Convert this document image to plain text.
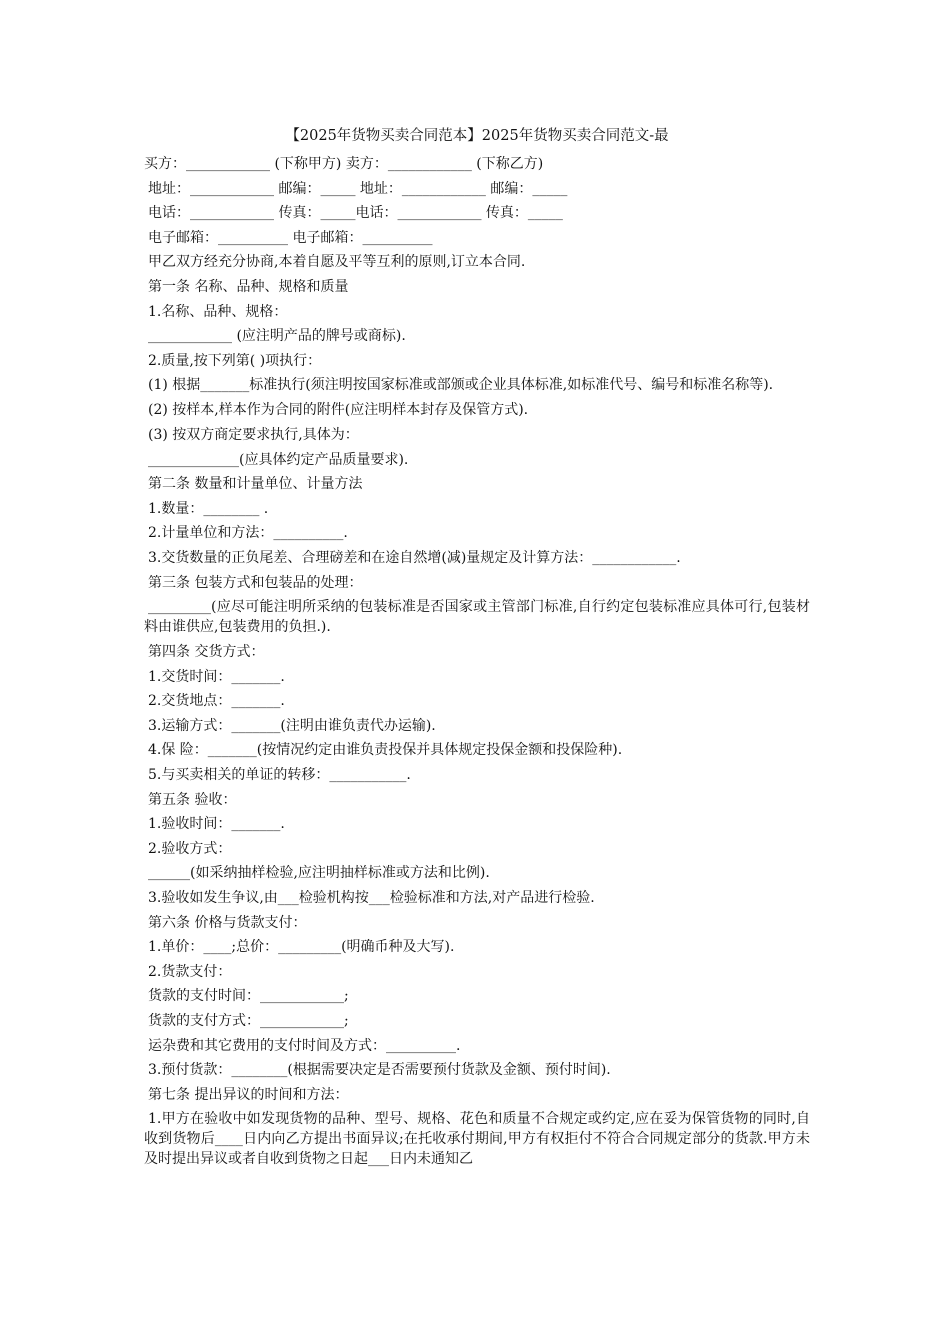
【2025年货物买卖合同范本】2025年货物买卖合同范文-最
买方：____________ (下称甲方) 卖方：____________ (下称乙方)
地址：____________ 邮编：_____ 地址：____________ 邮编：_____
电话：____________ 传真：_____电话：____________ 传真：_____
电子邮箱：__________ 电子邮箱：__________
甲乙双方经充分协商,本着自愿及平等互利的原则,订立本合同.
第一条 名称、品种、规格和质量
1.名称、品种、规格：
____________ (应注明产品的牌号或商标).
2.质量,按下列第( )项执行：
(1) 根据_______标准执行(须注明按国家标准或部颁或企业具体标准,如标准代号、编号和标准名称等).
(2) 按样本,样本作为合同的附件(应注明样本封存及保管方式).
(3) 按双方商定要求执行,具体为：
_____________(应具体约定产品质量要求).
第二条 数量和计量单位、计量方法
1.数量：________ .
2.计量单位和方法：__________.
3.交货数量的正负尾差、合理磅差和在途自然增(减)量规定及计算方法：____________.
第三条 包装方式和包装品的处理：
_________(应尽可能注明所采纳的包装标准是否国家或主管部门标准,自行约定包装标准应具体可行,包装材料由谁供应,包装费用的负担.).
第四条 交货方式：
1.交货时间：_______.
2.交货地点：_______.
3.运输方式：_______(注明由谁负责代办运输).
4.保 险：_______(按情况约定由谁负责投保并具体规定投保金额和投保险种).
5.与买卖相关的单证的转移：___________.
第五条 验收：
1.验收时间：_______.
2.验收方式：
______(如采纳抽样检验,应注明抽样标准或方法和比例).
3.验收如发生争议,由___检验机构按___检验标准和方法,对产品进行检验.
第六条 价格与货款支付：
1.单价：____;总价：_________(明确币种及大写).
2.货款支付：
货款的支付时间：____________;
货款的支付方式：____________;
运杂费和其它费用的支付时间及方式：__________.
3.预付货款：________(根据需要决定是否需要预付货款及金额、预付时间).
第七条 提出异议的时间和方法：
1.甲方在验收中如发现货物的品种、型号、规格、花色和质量不合规定或约定,应在妥为保管货物的同时,自收到货物后____日内向乙方提出书面异议;在托收承付期间,甲方有权拒付不符合合同规定部分的货款.甲方未及时提出异议或者自收到货物之日起___日内未通知乙
